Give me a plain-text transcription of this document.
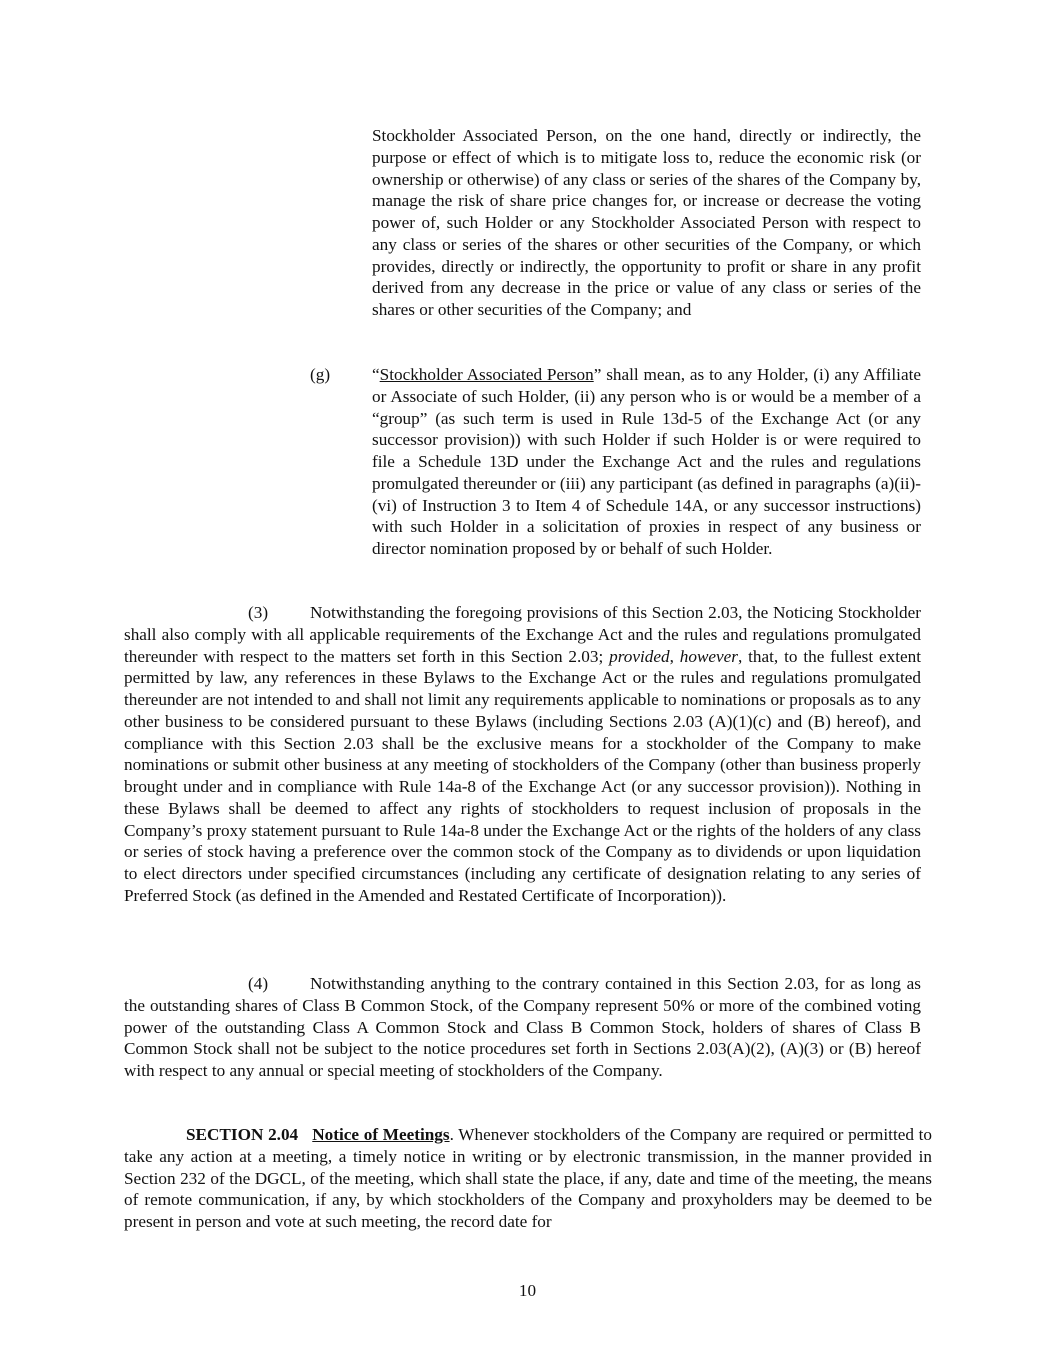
Stockholder Associated Person, on the one hand, directly or indirectly, the purpose or effect of which is to mitigate loss to, reduce the economic risk (or ownership or otherwise) of any class or series of the shares of the Company by, manage the risk of share price changes for, or increase or decrease the voting power of, such Holder or any Stockholder Associated Person with respect to any class or series of the shares or other securities of the Company, or which provides, directly or indirectly, the opportunity to profit or share in any profit derived from any decrease in the price or value of any class or series of the shares or other securities of the Company; and

(g) “Stockholder Associated Person” shall mean, as to any Holder, (i) any Affiliate or Associate of such Holder, (ii) any person who is or would be a member of a “group” (as such term is used in Rule 13d-5 of the Exchange Act (or any successor provision)) with such Holder if such Holder is or were required to file a Schedule 13D under the Exchange Act and the rules and regulations promulgated thereunder or (iii) any participant (as defined in paragraphs (a)(ii)-(vi) of Instruction 3 to Item 4 of Schedule 14A, or any successor instructions) with such Holder in a solicitation of proxies in respect of any business or director nomination proposed by or behalf of such Holder.

(3) Notwithstanding the foregoing provisions of this Section 2.03, the Noticing Stockholder shall also comply with all applicable requirements of the Exchange Act and the rules and regulations promulgated thereunder with respect to the matters set forth in this Section 2.03; provided, however, that, to the fullest extent permitted by law, any references in these Bylaws to the Exchange Act or the rules and regulations promulgated thereunder are not intended to and shall not limit any requirements applicable to nominations or proposals as to any other business to be considered pursuant to these Bylaws (including Sections 2.03 (A)(1)(c) and (B) hereof), and compliance with this Section 2.03 shall be the exclusive means for a stockholder of the Company to make nominations or submit other business at any meeting of stockholders of the Company (other than business properly brought under and in compliance with Rule 14a-8 of the Exchange Act (or any successor provision)). Nothing in these Bylaws shall be deemed to affect any rights of stockholders to request inclusion of proposals in the Company’s proxy statement pursuant to Rule 14a-8 under the Exchange Act or the rights of the holders of any class or series of stock having a preference over the common stock of the Company as to dividends or upon liquidation to elect directors under specified circumstances (including any certificate of designation relating to any series of Preferred Stock (as defined in the Amended and Restated Certificate of Incorporation)).

(4) Notwithstanding anything to the contrary contained in this Section 2.03, for as long as the outstanding shares of Class B Common Stock, of the Company represent 50% or more of the combined voting power of the outstanding Class A Common Stock and Class B Common Stock, holders of shares of Class B Common Stock shall not be subject to the notice procedures set forth in Sections 2.03(A)(2), (A)(3) or (B) hereof with respect to any annual or special meeting of stockholders of the Company.

SECTION 2.04 Notice of Meetings. Whenever stockholders of the Company are required or permitted to take any action at a meeting, a timely notice in writing or by electronic transmission, in the manner provided in Section 232 of the DGCL, of the meeting, which shall state the place, if any, date and time of the meeting, the means of remote communication, if any, by which stockholders of the Company and proxyholders may be deemed to be present in person and vote at such meeting, the record date for

10
